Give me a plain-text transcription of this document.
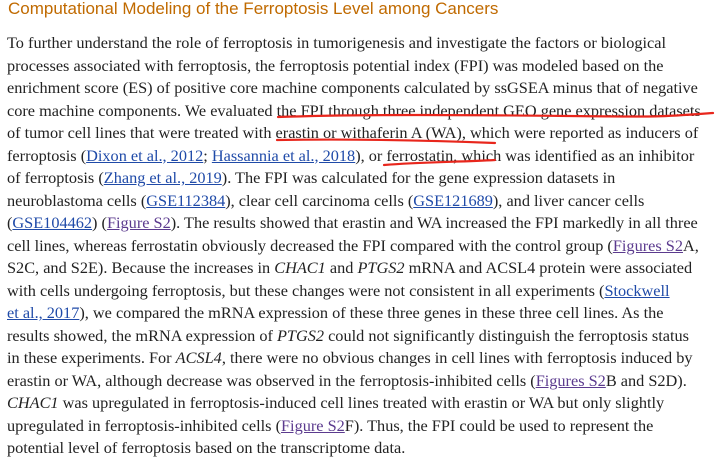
Computational Modeling of the Ferroptosis Level among Cancers
To further understand the role of ferroptosis in tumorigenesis and investigate the factors or biological
processes associated with ferroptosis, the ferroptosis potential index (FPI) was modeled based on the
enrichment score (ES) of positive core machine components calculated by ssGSEA minus that of negative
core machine components. We evaluated the FPI through three independent GEO gene expression datasets
of tumor cell lines that were treated with erastin or withaferin A (WA), which were reported as inducers of
ferroptosis (Dixon et al., 2012; Hassannia et al., 2018), or ferrostatin, which was identified as an inhibitor
of ferroptosis (Zhang et al., 2019). The FPI was calculated for the gene expression datasets in
neuroblastoma cells (GSE112384), clear cell carcinoma cells (GSE121689), and liver cancer cells
(GSE104462) (Figure S2). The results showed that erastin and WA increased the FPI markedly in all three
cell lines, whereas ferrostatin obviously decreased the FPI compared with the control group (Figures S2A,
S2C, and S2E). Because the increases in CHAC1 and PTGS2 mRNA and ACSL4 protein were associated
with cells undergoing ferroptosis, but these changes were not consistent in all experiments (Stockwell
et al., 2017), we compared the mRNA expression of these three genes in these three cell lines. As the
results showed, the mRNA expression of PTGS2 could not significantly distinguish the ferroptosis status
in these experiments. For ACSL4, there were no obvious changes in cell lines with ferroptosis induced by
erastin or WA, although decrease was observed in the ferroptosis-inhibited cells (Figures S2B and S2D).
CHAC1 was upregulated in ferroptosis-induced cell lines treated with erastin or WA but only slightly
upregulated in ferroptosis-inhibited cells (Figure S2F). Thus, the FPI could be used to represent the
potential level of ferroptosis based on the transcriptome data.
